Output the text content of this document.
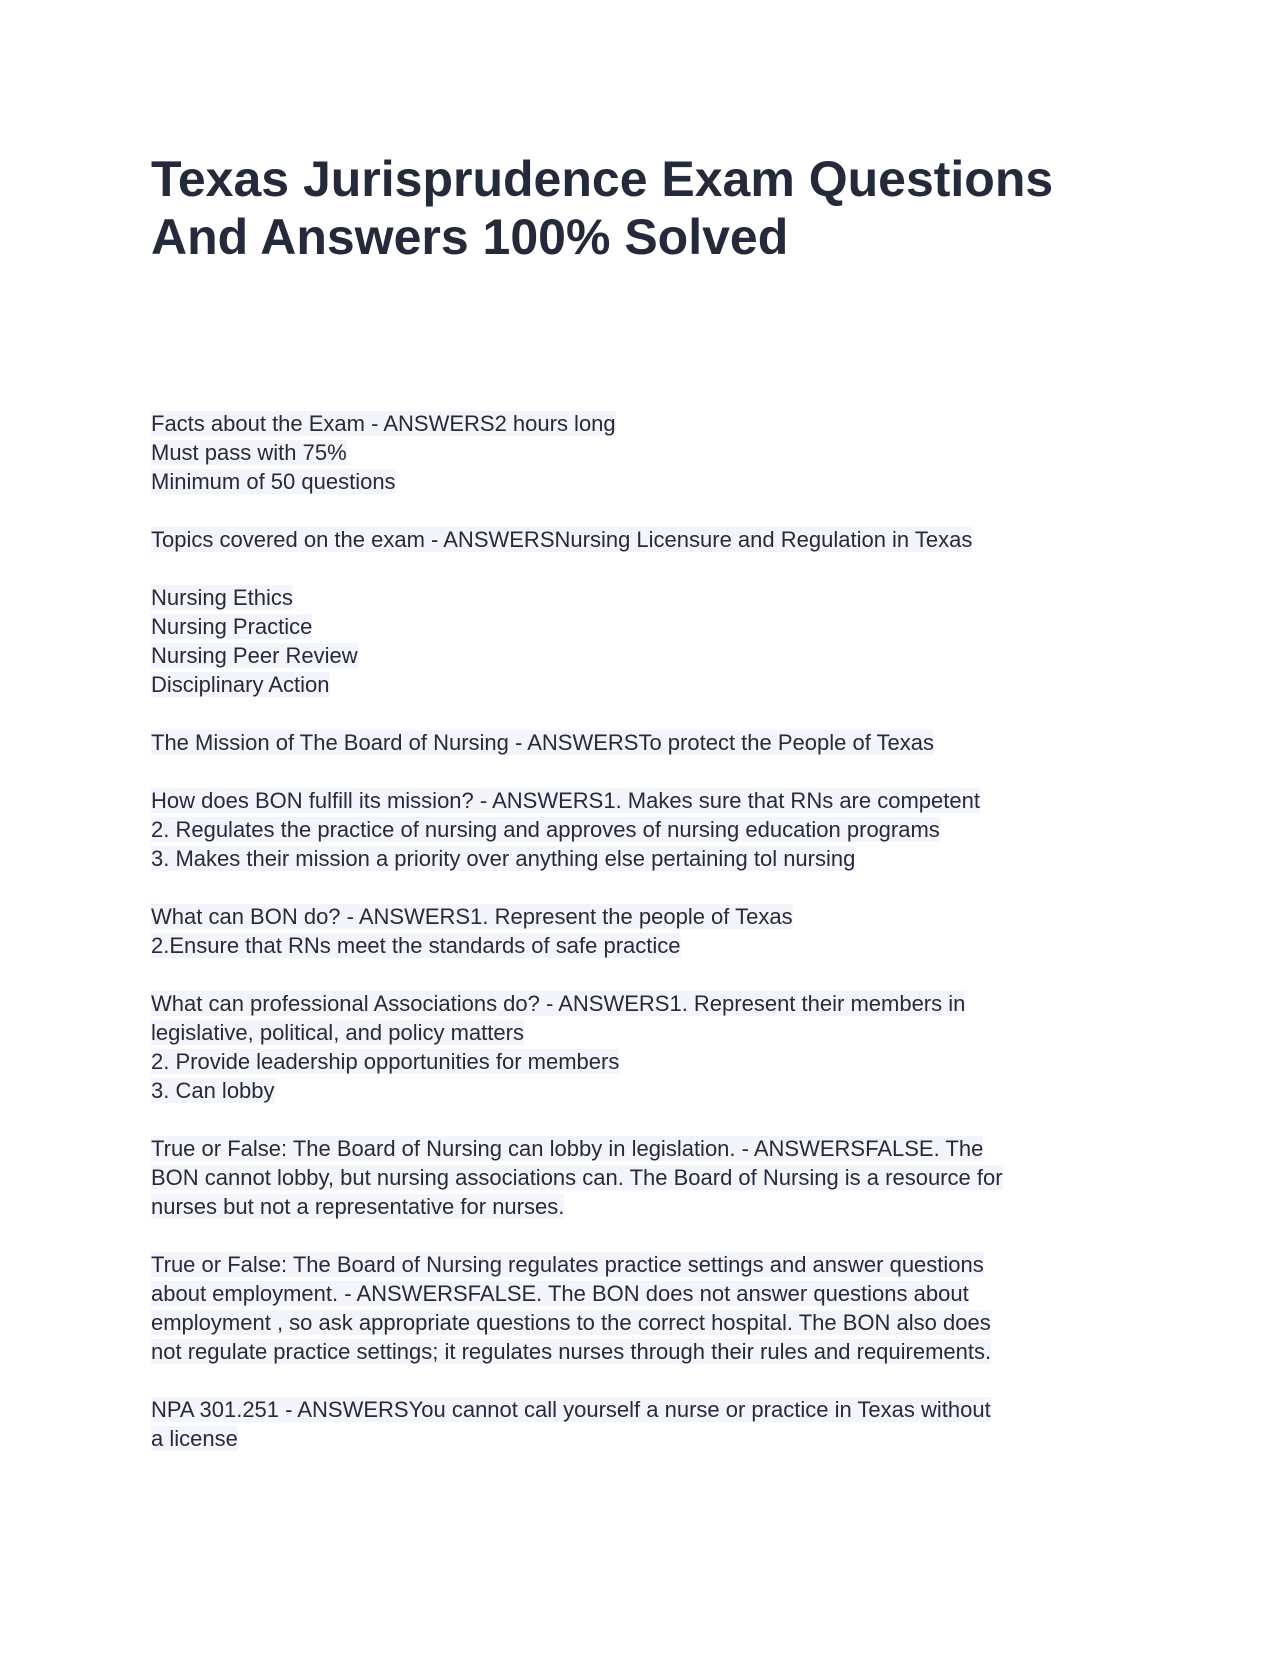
Texas Jurisprudence Exam Questions
And Answers 100% Solved
Facts about the Exam - ANSWERS2 hours long
Must pass with 75%
Minimum of 50 questions
Topics covered on the exam - ANSWERSNursing Licensure and Regulation in Texas
Nursing Ethics
Nursing Practice
Nursing Peer Review
Disciplinary Action
The Mission of The Board of Nursing - ANSWERSTo protect the People of Texas
How does BON fulfill its mission? - ANSWERS1. Makes sure that RNs are competent
2. Regulates the practice of nursing and approves of nursing education programs
3. Makes their mission a priority over anything else pertaining tol nursing
What can BON do? - ANSWERS1. Represent the people of Texas
2.Ensure that RNs meet the standards of safe practice
What can professional Associations do? - ANSWERS1. Represent their members in
legislative, political, and policy matters
2. Provide leadership opportunities for members
3. Can lobby
True or False: The Board of Nursing can lobby in legislation. - ANSWERSFALSE. The
BON cannot lobby, but nursing associations can. The Board of Nursing is a resource for
nurses but not a representative for nurses.
True or False: The Board of Nursing regulates practice settings and answer questions
about employment. - ANSWERSFALSE. The BON does not answer questions about
employment , so ask appropriate questions to the correct hospital. The BON also does
not regulate practice settings; it regulates nurses through their rules and requirements.
NPA 301.251 - ANSWERSYou cannot call yourself a nurse or practice in Texas without
a license
